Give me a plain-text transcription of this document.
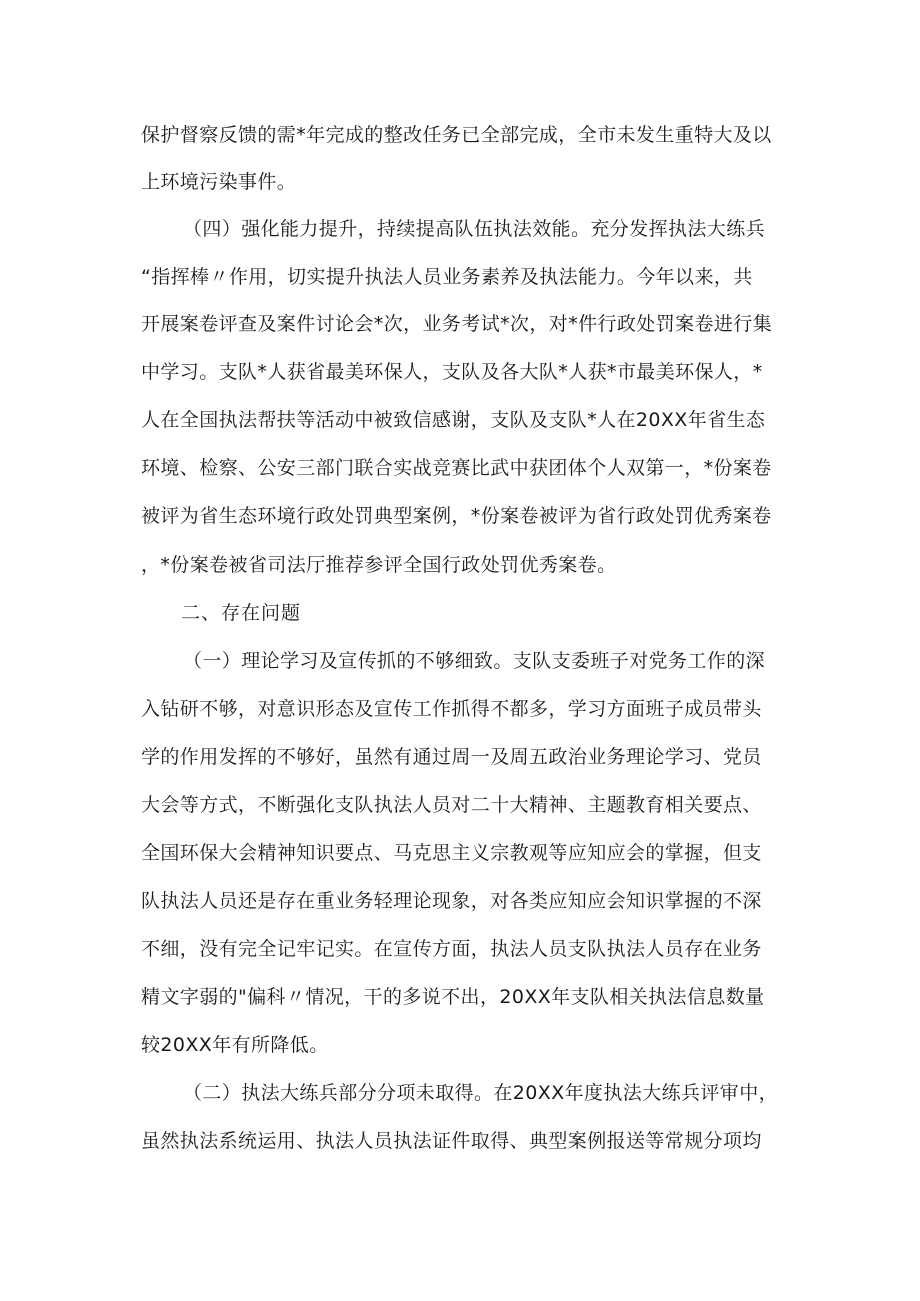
保护督察反馈的需*年完成的整改任务已全部完成，全市未发生重特大及以

上环境污染事件。

（四）强化能力提升，持续提高队伍执法效能。充分发挥执法大练兵

“指挥棒〃作用，切实提升执法人员业务素养及执法能力。今年以来，共

开展案卷评查及案件讨论会*次，业务考试*次，对*件行政处罚案卷进行集

中学习。支队*人获省最美环保人，支队及各大队*人获*市最美环保人，*

人在全国执法帮扶等活动中被致信感谢，支队及支队*人在20XX年省生态

环境、检察、公安三部门联合实战竞赛比武中获团体个人双第一，*份案卷

被评为省生态环境行政处罚典型案例，*份案卷被评为省行政处罚优秀案卷

，*份案卷被省司法厅推荐参评全国行政处罚优秀案卷。

二、存在问题

（一）理论学习及宣传抓的不够细致。支队支委班子对党务工作的深

入钻研不够，对意识形态及宣传工作抓得不都多，学习方面班子成员带头

学的作用发挥的不够好，虽然有通过周一及周五政治业务理论学习、党员

大会等方式，不断强化支队执法人员对二十大精神、主题教育相关要点、

全国环保大会精神知识要点、马克思主义宗教观等应知应会的掌握，但支

队执法人员还是存在重业务轻理论现象，对各类应知应会知识掌握的不深

不细，没有完全记牢记实。在宣传方面，执法人员支队执法人员存在业务

精文字弱的"偏科〃情况，干的多说不出，20XX年支队相关执法信息数量

较20XX年有所降低。

（二）执法大练兵部分分项未取得。在20XX年度执法大练兵评审中，

虽然执法系统运用、执法人员执法证件取得、典型案例报送等常规分项均
